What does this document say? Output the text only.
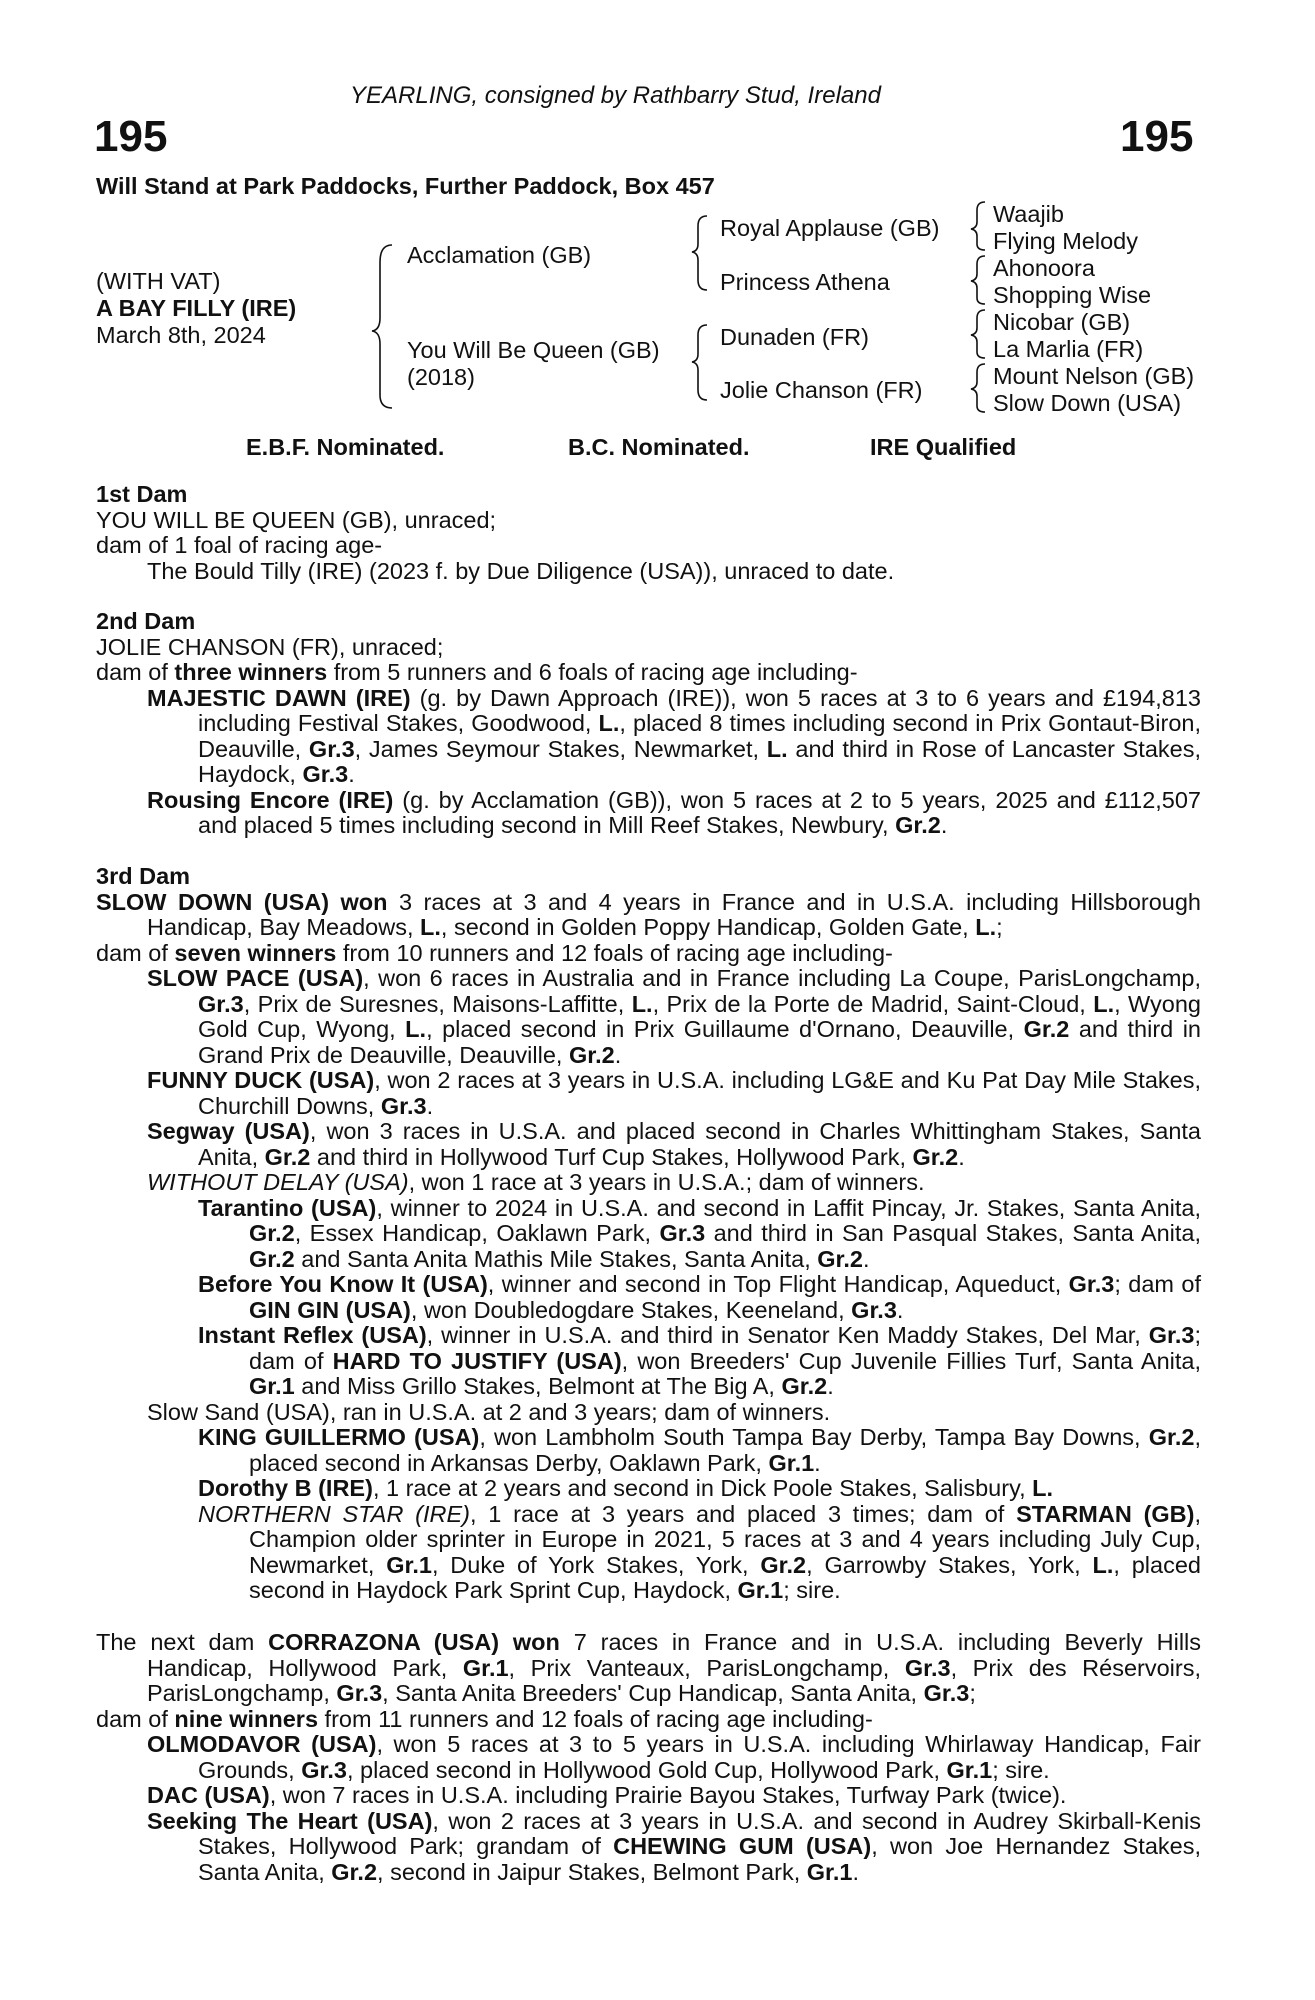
YEARLING, consigned by Rathbarry Stud, Ireland
195	195
Will Stand at Park Paddocks, Further Paddock, Box 457
(WITH VAT)
A BAY FILLY (IRE)
March 8th, 2024
Acclamation (GB)
You Will Be Queen (GB)
(2018)
Royal Applause (GB)
Princess Athena
Dunaden (FR)
Jolie Chanson (FR)
Waajib
Flying Melody
Ahonoora
Shopping Wise
Nicobar (GB)
La Marlia (FR)
Mount Nelson (GB)
Slow Down (USA)
E.B.F. Nominated.	B.C. Nominated.	IRE Qualified
1st Dam
YOU WILL BE QUEEN (GB), unraced;
dam of 1 foal of racing age-
The Bould Tilly (IRE) (2023 f. by Due Diligence (USA)), unraced to date.
2nd Dam
JOLIE CHANSON (FR), unraced;
dam of three winners from 5 runners and 6 foals of racing age including-
MAJESTIC DAWN (IRE) (g. by Dawn Approach (IRE)), won 5 races at 3 to 6 years and £194,813 including Festival Stakes, Goodwood, L., placed 8 times including second in Prix Gontaut-Biron, Deauville, Gr.3, James Seymour Stakes, Newmarket, L. and third in Rose of Lancaster Stakes, Haydock, Gr.3.
Rousing Encore (IRE) (g. by Acclamation (GB)), won 5 races at 2 to 5 years, 2025 and £112,507 and placed 5 times including second in Mill Reef Stakes, Newbury, Gr.2.
3rd Dam
SLOW DOWN (USA) won 3 races at 3 and 4 years in France and in U.S.A. including Hillsborough Handicap, Bay Meadows, L., second in Golden Poppy Handicap, Golden Gate, L.;
dam of seven winners from 10 runners and 12 foals of racing age including-
SLOW PACE (USA), won 6 races in Australia and in France including La Coupe, ParisLongchamp, Gr.3, Prix de Suresnes, Maisons-Laffitte, L., Prix de la Porte de Madrid, Saint-Cloud, L., Wyong Gold Cup, Wyong, L., placed second in Prix Guillaume d'Ornano, Deauville, Gr.2 and third in Grand Prix de Deauville, Deauville, Gr.2.
FUNNY DUCK (USA), won 2 races at 3 years in U.S.A. including LG&E and Ku Pat Day Mile Stakes, Churchill Downs, Gr.3.
Segway (USA), won 3 races in U.S.A. and placed second in Charles Whittingham Stakes, Santa Anita, Gr.2 and third in Hollywood Turf Cup Stakes, Hollywood Park, Gr.2.
WITHOUT DELAY (USA), won 1 race at 3 years in U.S.A.; dam of winners.
Tarantino (USA), winner to 2024 in U.S.A. and second in Laffit Pincay, Jr. Stakes, Santa Anita, Gr.2, Essex Handicap, Oaklawn Park, Gr.3 and third in San Pasqual Stakes, Santa Anita, Gr.2 and Santa Anita Mathis Mile Stakes, Santa Anita, Gr.2.
Before You Know It (USA), winner and second in Top Flight Handicap, Aqueduct, Gr.3; dam of GIN GIN (USA), won Doubledogdare Stakes, Keeneland, Gr.3.
Instant Reflex (USA), winner in U.S.A. and third in Senator Ken Maddy Stakes, Del Mar, Gr.3; dam of HARD TO JUSTIFY (USA), won Breeders' Cup Juvenile Fillies Turf, Santa Anita, Gr.1 and Miss Grillo Stakes, Belmont at The Big A, Gr.2.
Slow Sand (USA), ran in U.S.A. at 2 and 3 years; dam of winners.
KING GUILLERMO (USA), won Lambholm South Tampa Bay Derby, Tampa Bay Downs, Gr.2, placed second in Arkansas Derby, Oaklawn Park, Gr.1.
Dorothy B (IRE), 1 race at 2 years and second in Dick Poole Stakes, Salisbury, L.
NORTHERN STAR (IRE), 1 race at 3 years and placed 3 times; dam of STARMAN (GB), Champion older sprinter in Europe in 2021, 5 races at 3 and 4 years including July Cup, Newmarket, Gr.1, Duke of York Stakes, York, Gr.2, Garrowby Stakes, York, L., placed second in Haydock Park Sprint Cup, Haydock, Gr.1; sire.
The next dam CORRAZONA (USA) won 7 races in France and in U.S.A. including Beverly Hills Handicap, Hollywood Park, Gr.1, Prix Vanteaux, ParisLongchamp, Gr.3, Prix des Réservoirs, ParisLongchamp, Gr.3, Santa Anita Breeders' Cup Handicap, Santa Anita, Gr.3;
dam of nine winners from 11 runners and 12 foals of racing age including-
OLMODAVOR (USA), won 5 races at 3 to 5 years in U.S.A. including Whirlaway Handicap, Fair Grounds, Gr.3, placed second in Hollywood Gold Cup, Hollywood Park, Gr.1; sire.
DAC (USA), won 7 races in U.S.A. including Prairie Bayou Stakes, Turfway Park (twice).
Seeking The Heart (USA), won 2 races at 3 years in U.S.A. and second in Audrey Skirball-Kenis Stakes, Hollywood Park; grandam of CHEWING GUM (USA), won Joe Hernandez Stakes, Santa Anita, Gr.2, second in Jaipur Stakes, Belmont Park, Gr.1.
